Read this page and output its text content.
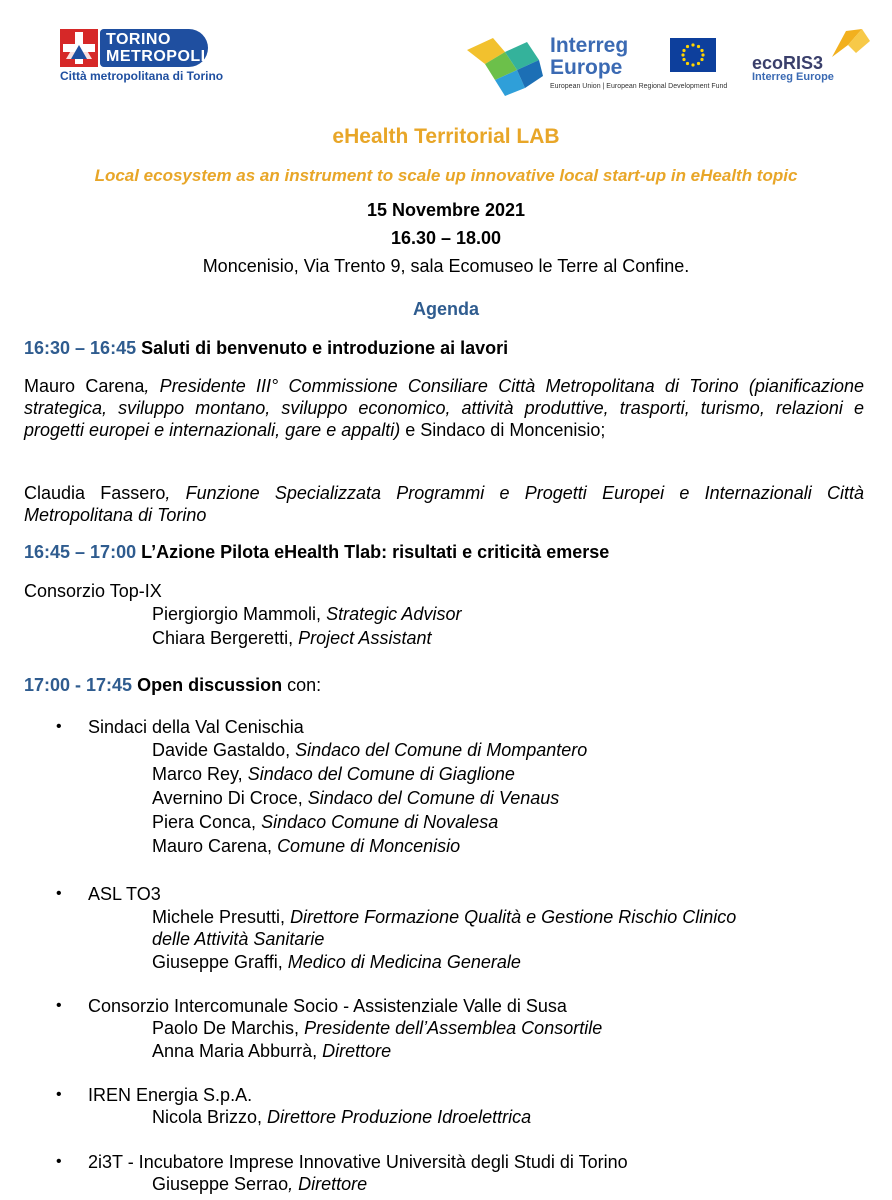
TORINO
METROPOLI
Città metropolitana di Torino
Interreg
Europe
European Union | European Regional Development Fund
ecoRIS3
Interreg Europe
eHealth Territorial LAB
Local ecosystem as an instrument to scale up innovative local start-up in eHealth topic
15 Novembre 2021
16.30 – 18.00
Moncenisio, Via Trento 9, sala Ecomuseo le Terre al Confine.
Agenda
16:30 – 16:45 Saluti di benvenuto e introduzione ai lavori
Mauro Carena, Presidente III° Commissione Consiliare Città Metropolitana di Torino (pianificazione strategica, sviluppo montano, sviluppo economico, attività produttive, trasporti, turismo, relazioni e progetti europei e internazionali, gare e appalti) e Sindaco di Moncenisio;
Claudia Fassero, Funzione Specializzata Programmi e Progetti Europei e Internazionali Città Metropolitana di Torino
16:45 – 17:00 L’Azione Pilota eHealth Tlab: risultati e criticità emerse
Consorzio Top-IX
Piergiorgio Mammoli, Strategic Advisor
Chiara Bergeretti, Project Assistant
17:00 - 17:45 Open discussion con:
• Sindaci della Val Cenischia
Davide Gastaldo, Sindaco del Comune di Mompantero
Marco Rey, Sindaco del Comune di Giaglione
Avernino Di Croce, Sindaco del Comune di Venaus
Piera Conca, Sindaco Comune di Novalesa
Mauro Carena, Comune di Moncenisio
• ASL TO3
Michele Presutti, Direttore Formazione Qualità e Gestione Rischio Clinico
delle Attività Sanitarie
Giuseppe Graffi, Medico di Medicina Generale
• Consorzio Intercomunale Socio - Assistenziale Valle di Susa
Paolo De Marchis, Presidente dell’Assemblea Consortile
Anna Maria Abburrà, Direttore
• IREN Energia S.p.A.
Nicola Brizzo, Direttore Produzione Idroelettrica
• 2i3T - Incubatore Imprese Innovative Università degli Studi di Torino
Giuseppe Serrao, Direttore
